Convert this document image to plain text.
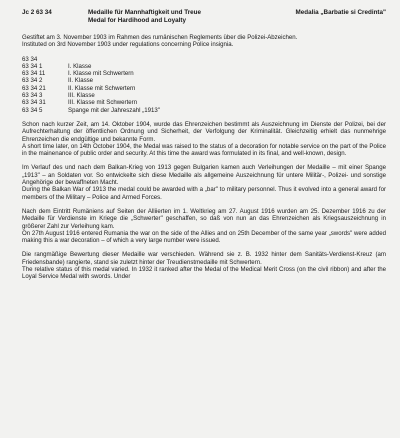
Jc 2 63 34	Medaille für Mannhaftigkeit und Treue
Medal for Hardihood and Loyalty
Medalia „Barbatie si Credinta"

Gestiftet am 3. November 1903 im Rahmen des rumänischen Reglements über die Polizei-Abzeichen.

Instituted on 3rd November 1903 under regulations concerning Police insignia.

63 34
63 34 1	I. Klasse
63 34 11	I. Klasse mit Schwertern
63 34 2	II. Klasse
63 34 21	II. Klasse mit Schwertern
63 34 3	III. Klasse
63 34 31	III. Klasse mit Schwertern
63 34 5	Spange mit der Jahreszahl „1913"

Schon nach kurzer Zeit, am 14. Oktober 1904, wurde das Ehrenzeichen bestimmt als Auszeichnung im Dienste der Polizei, bei der Aufrechterhaltung der öffentlichen Ordnung und Sicherheit, der Verfolgung der Kriminalität. Gleichzeitig erhielt das nunmehrige Ehrenzeichen die endgültige und bekannte Form.

A short time later, on 14th October 1904, the Medal was raised to the status of a decoration for notable service on the part of the Police in the mainenance of public order and security. At this time the award was formulated in its final, and well-known, design.

Im Verlauf des und nach dem Balkan-Krieg von 1913 gegen Bulgarien kamen auch Verleihungen der Medaille – mit einer Spange „1913" – an Soldaten vor. So entwickelte sich diese Medaille als allgemeine Auszeichnung für untere Militär-, Polizei- und sonstige Angehörige der bewaffneten Macht.

During the Balkan War of 1913 the medal could be awarded with a „bar" to military personnel. Thus it evolved into a general award for members of the Military – Police and Armed Forces.

Nach dem Eintritt Rumäniens auf Seiten der Alliierten im 1. Weltkrieg am 27. August 1916 wurden am 25. Dezember 1916 zu der Medaille für Verdienste im Kriege die „Schwerter" geschaffen, so daß von nun an das Ehrenzeichen als Kriegsauszeichnung in größerer Zahl zur Verleihung kam.

On 27th August 1916 entered Rumania the war on the side of the Allies and on 25th December of the same year „swords" were added making this a war decoration – of which a very large number were issued.

Die rangmäßige Bewertung dieser Medaille war verschieden. Während sie z. B. 1932 hinter dem Sanitäts-Verdienst-Kreuz (am Friedensbande) rangierte, stand sie zuletzt hinter der Treudienstmedaille mit Schwertern.

The relative status of this medal varied. In 1932 it ranked after the Medal of the Medical Merit Cross (on the civil ribbon) and after the Loyal Service Medal with swords. Under
